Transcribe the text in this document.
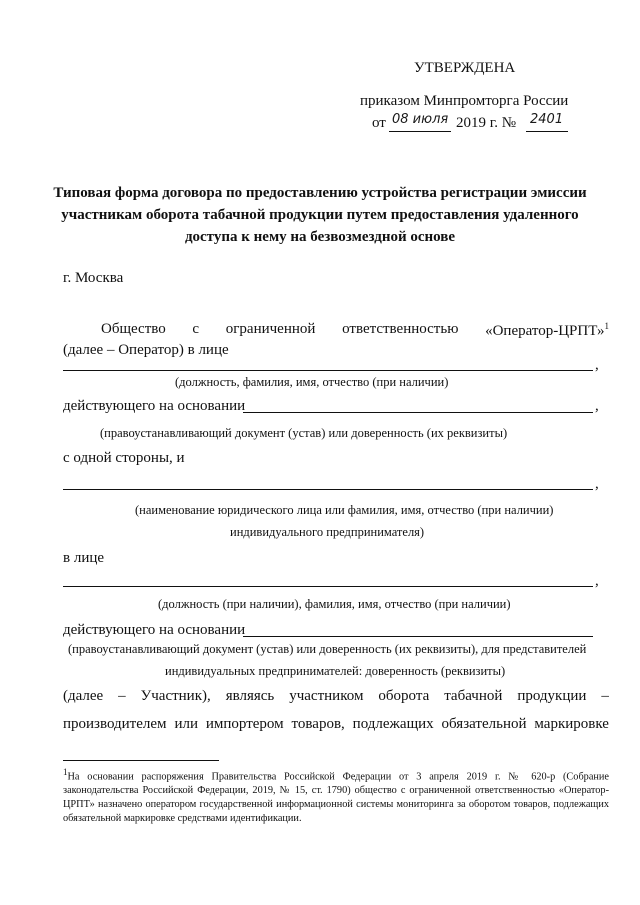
УТВЕРЖДЕНА
приказом Минпромторга России
от 08 июля 2019 г. № 2401
Типовая форма договора по предоставлению устройства регистрации эмиссии участникам оборота табачной продукции путем предоставления удаленного доступа к нему на безвозмездной основе
г. Москва
Общество с ограниченной ответственностью «Оператор-ЦРПТ»$^1$
(далее – Оператор) в лице
,
(должность, фамилия, имя, отчество (при наличии)
действующего на основании	,
(правоустанавливающий документ (устав) или доверенность (их реквизиты)
с одной стороны, и
,
(наименование юридического лица или фамилия, имя, отчество (при наличии)
индивидуального предпринимателя)
в лице
,
(должность (при наличии), фамилия, имя, отчество (при наличии)
действующего на основании
(правоустанавливающий документ (устав) или доверенность (их реквизиты), для представителей
индивидуальных предпринимателей: доверенность (реквизиты)
(далее – Участник), являясь участником оборота табачной продукции –
производителем или импортером товаров, подлежащих обязательной маркировке
$^1$На основании распоряжения Правительства Российской Федерации от 3 апреля 2019 г. № 620-р (Собрание законодательства Российской Федерации, 2019, № 15, ст. 1790) общество с ограниченной ответственностью «Оператор-ЦРПТ» назначено оператором государственной информационной системы мониторинга за оборотом товаров, подлежащих обязательной маркировке средствами идентификации.
